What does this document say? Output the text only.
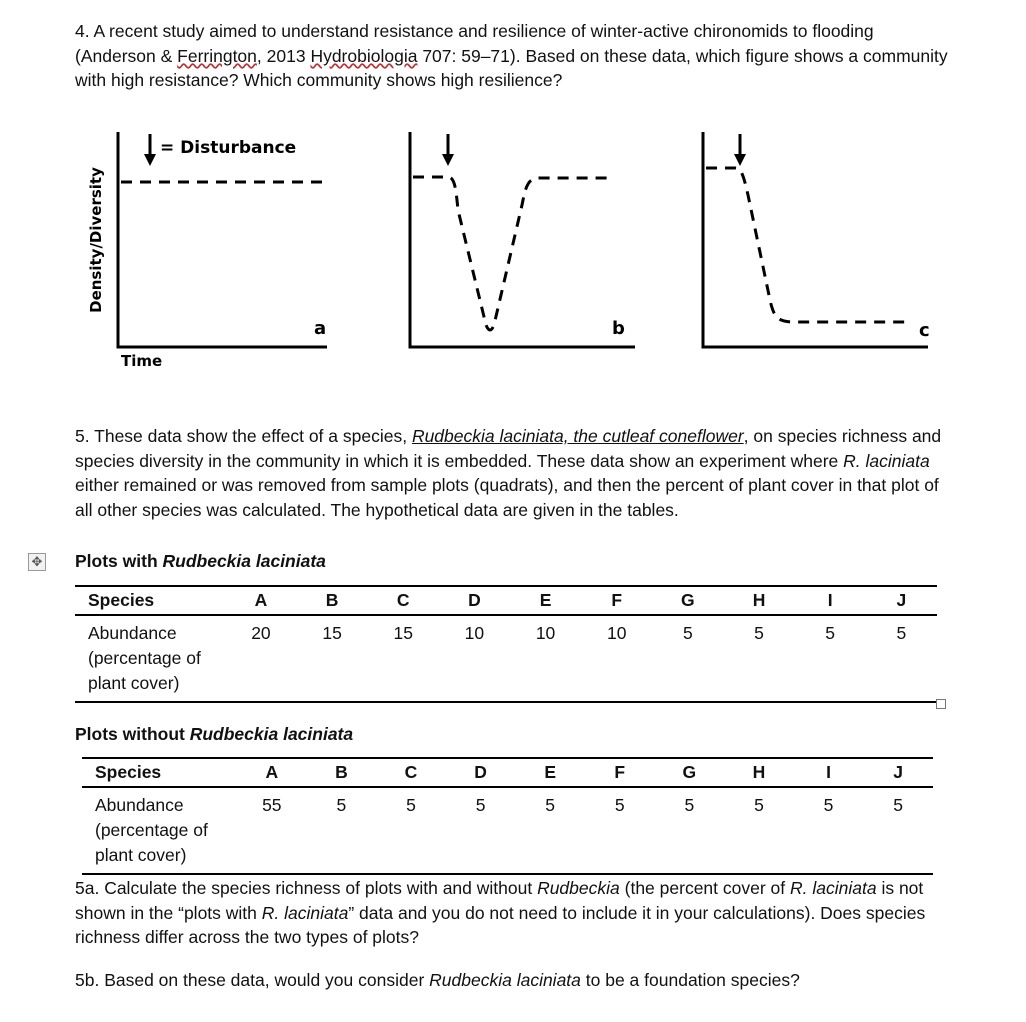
4. A recent study aimed to understand resistance and resilience of winter-active chironomids to flooding (Anderson & Ferrington, 2013 Hydrobiologia 707: 59–71). Based on these data, which figure shows a community with high resistance? Which community shows high resilience?

= Disturbance
Density/Diversity
Time
a	b	c

5. These data show the effect of a species, Rudbeckia laciniata, the cutleaf coneflower, on species richness and species diversity in the community in which it is embedded. These data show an experiment where R. laciniata either remained or was removed from sample plots (quadrats), and then the percent of plant cover in that plot of all other species was calculated. The hypothetical data are given in the tables.

✥ Plots with Rudbeckia laciniata
Species	A	B	C	D	E	F	G	H	I	J
Abundance (percentage of plant cover)	20	15	15	10	10	10	5	5	5	5
Plots without Rudbeckia laciniata
Species	A	B	C	D	E	F	G	H	I	J
Abundance (percentage of plant cover)	55	5	5	5	5	5	5	5	5	5

5a. Calculate the species richness of plots with and without Rudbeckia (the percent cover of R. laciniata is not shown in the “plots with R. laciniata” data and you do not need to include it in your calculations). Does species richness differ across the two types of plots?

5b. Based on these data, would you consider Rudbeckia laciniata to be a foundation species?
